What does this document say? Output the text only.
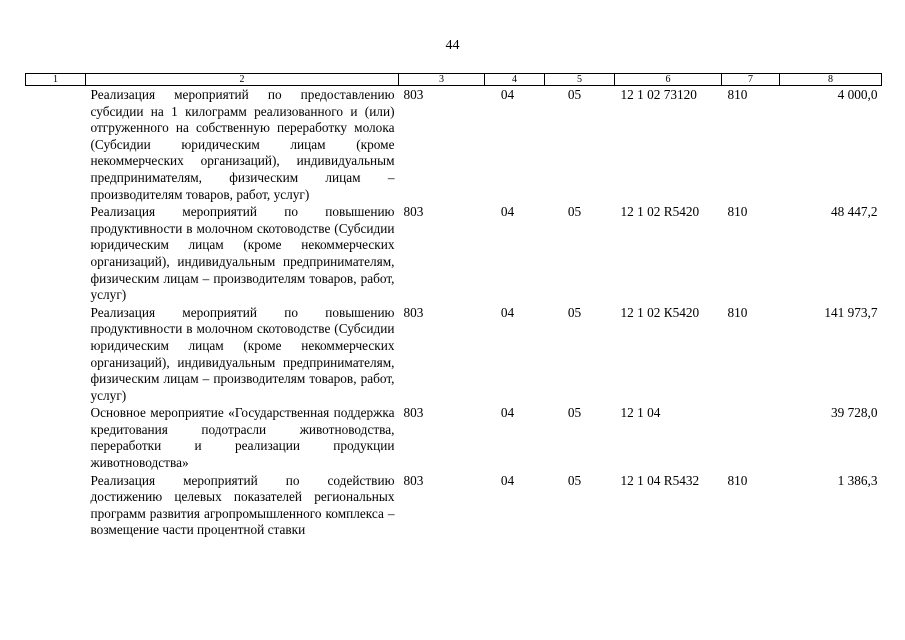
44
1	2	3	4	5	6	7	8
	Реализация мероприятий по предоставлению субсидии на 1 килограмм реализованного и (или) отгруженного на собственную переработку молока (Субсидии юридическим лицам (кроме некоммерческих организаций), индивидуальным предпринимателям, физическим лицам – производителям товаров, работ, услуг)	803	04	05	12 1 02 73120	810	4 000,0
	Реализация мероприятий по повышению продуктивности в молочном скотоводстве (Субсидии юридическим лицам (кроме некоммерческих организаций), индивидуальным предпринимателям, физическим лицам – производителям товаров, работ, услуг)	803	04	05	12 1 02 R5420	810	48 447,2
	Реализация мероприятий по повышению продуктивности в молочном скотоводстве (Субсидии юридическим лицам (кроме некоммерческих организаций), индивидуальным предпринимателям, физическим лицам – производителям товаров, работ, услуг)	803	04	05	12 1 02 К5420	810	141 973,7
	Основное мероприятие «Государственная поддержка кредитования подотрасли животноводства, переработки и реализации продукции животноводства»	803	04	05	12 1 04		39 728,0
	Реализация мероприятий по содействию достижению целевых показателей региональных программ развития агропромышленного комплекса – возмещение части процентной ставки	803	04	05	12 1 04 R5432	810	1 386,3
